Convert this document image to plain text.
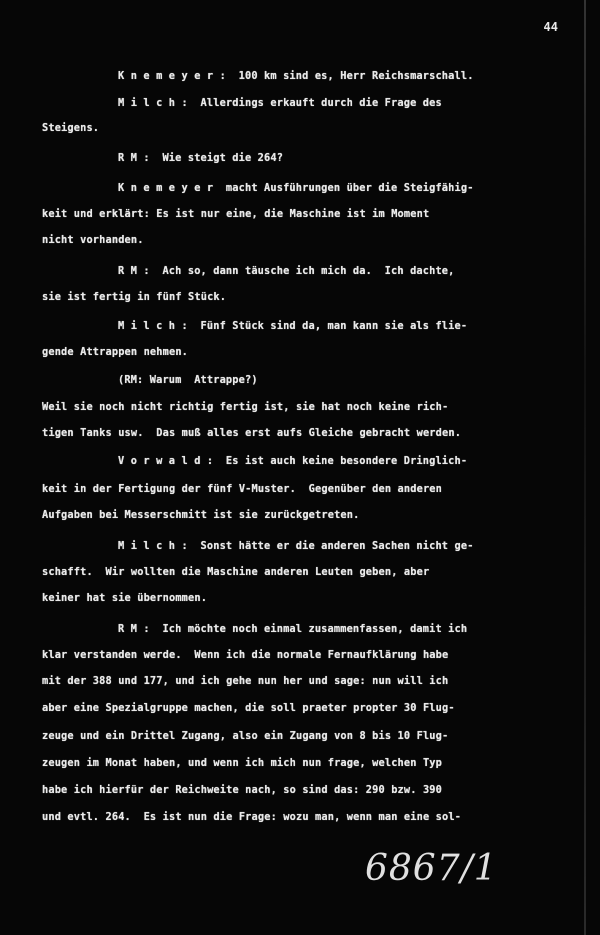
44
K n e m e y e r :  100 km sind es, Herr Reichsmarschall.
M i l c h :  Allerdings erkauft durch die Frage des
Steigens.
R M :  Wie steigt die 264?
K n e m e y e r  macht Ausführungen über die Steigfähig-
keit und erklärt: Es ist nur eine, die Maschine ist im Moment
nicht vorhanden.
R M :  Ach so, dann täusche ich mich da.  Ich dachte,
sie ist fertig in fünf Stück.
M i l c h :  Fünf Stück sind da, man kann sie als flie-
gende Attrappen nehmen.
(RM: Warum  Attrappe?)
Weil sie noch nicht richtig fertig ist, sie hat noch keine rich-
tigen Tanks usw.  Das muß alles erst aufs Gleiche gebracht werden.
V o r w a l d :  Es ist auch keine besondere Dringlich-
keit in der Fertigung der fünf V-Muster.  Gegenüber den anderen
Aufgaben bei Messerschmitt ist sie zurückgetreten.
M i l c h :  Sonst hätte er die anderen Sachen nicht ge-
schafft.  Wir wollten die Maschine anderen Leuten geben, aber
keiner hat sie übernommen.
R M :  Ich möchte noch einmal zusammenfassen, damit ich
klar verstanden werde.  Wenn ich die normale Fernaufklärung habe
mit der 388 und 177, und ich gehe nun her und sage: nun will ich
aber eine Spezialgruppe machen, die soll praeter propter 30 Flug-
zeuge und ein Drittel Zugang, also ein Zugang von 8 bis 10 Flug-
zeugen im Monat haben, und wenn ich mich nun frage, welchen Typ
habe ich hierfür der Reichweite nach, so sind das: 290 bzw. 390
und evtl. 264.  Es ist nun die Frage: wozu man, wenn man eine sol-
6867/1
